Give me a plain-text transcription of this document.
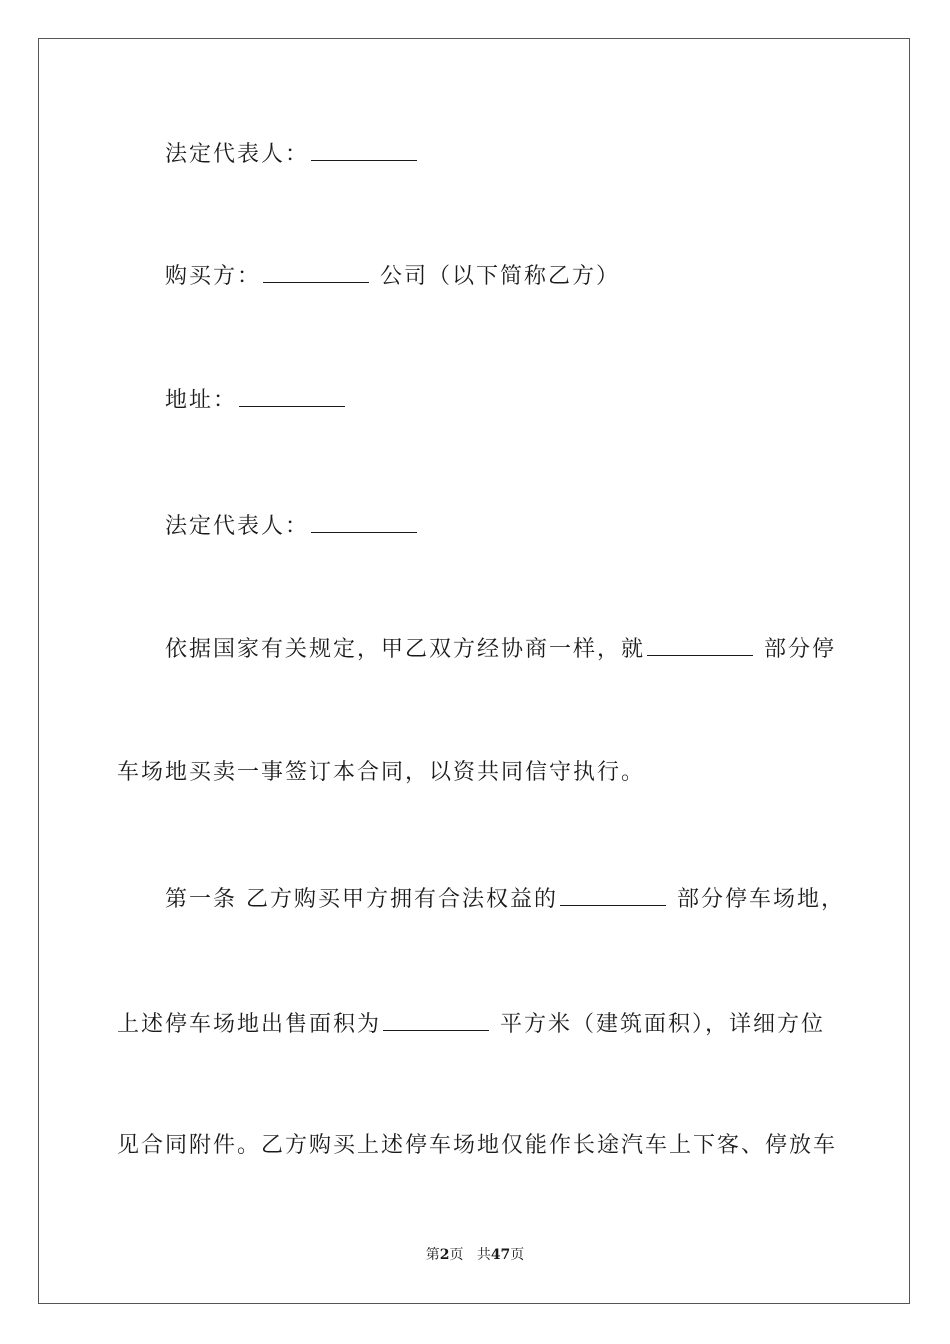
法定代表人：
购买方：	公司（以下简称乙方）
地址：
法定代表人：
依据国家有关规定，甲乙双方经协商一样，就	部分停
车场地买卖一事签订本合同，以资共同信守执行。
第一条 乙方购买甲方拥有合法权益的	部分停车场地，
上述停车场地出售面积为	平方米（建筑面积），详细方位
见合同附件。乙方购买上述停车场地仅能作长途汽车上下客、停放车
第2页 共47页
